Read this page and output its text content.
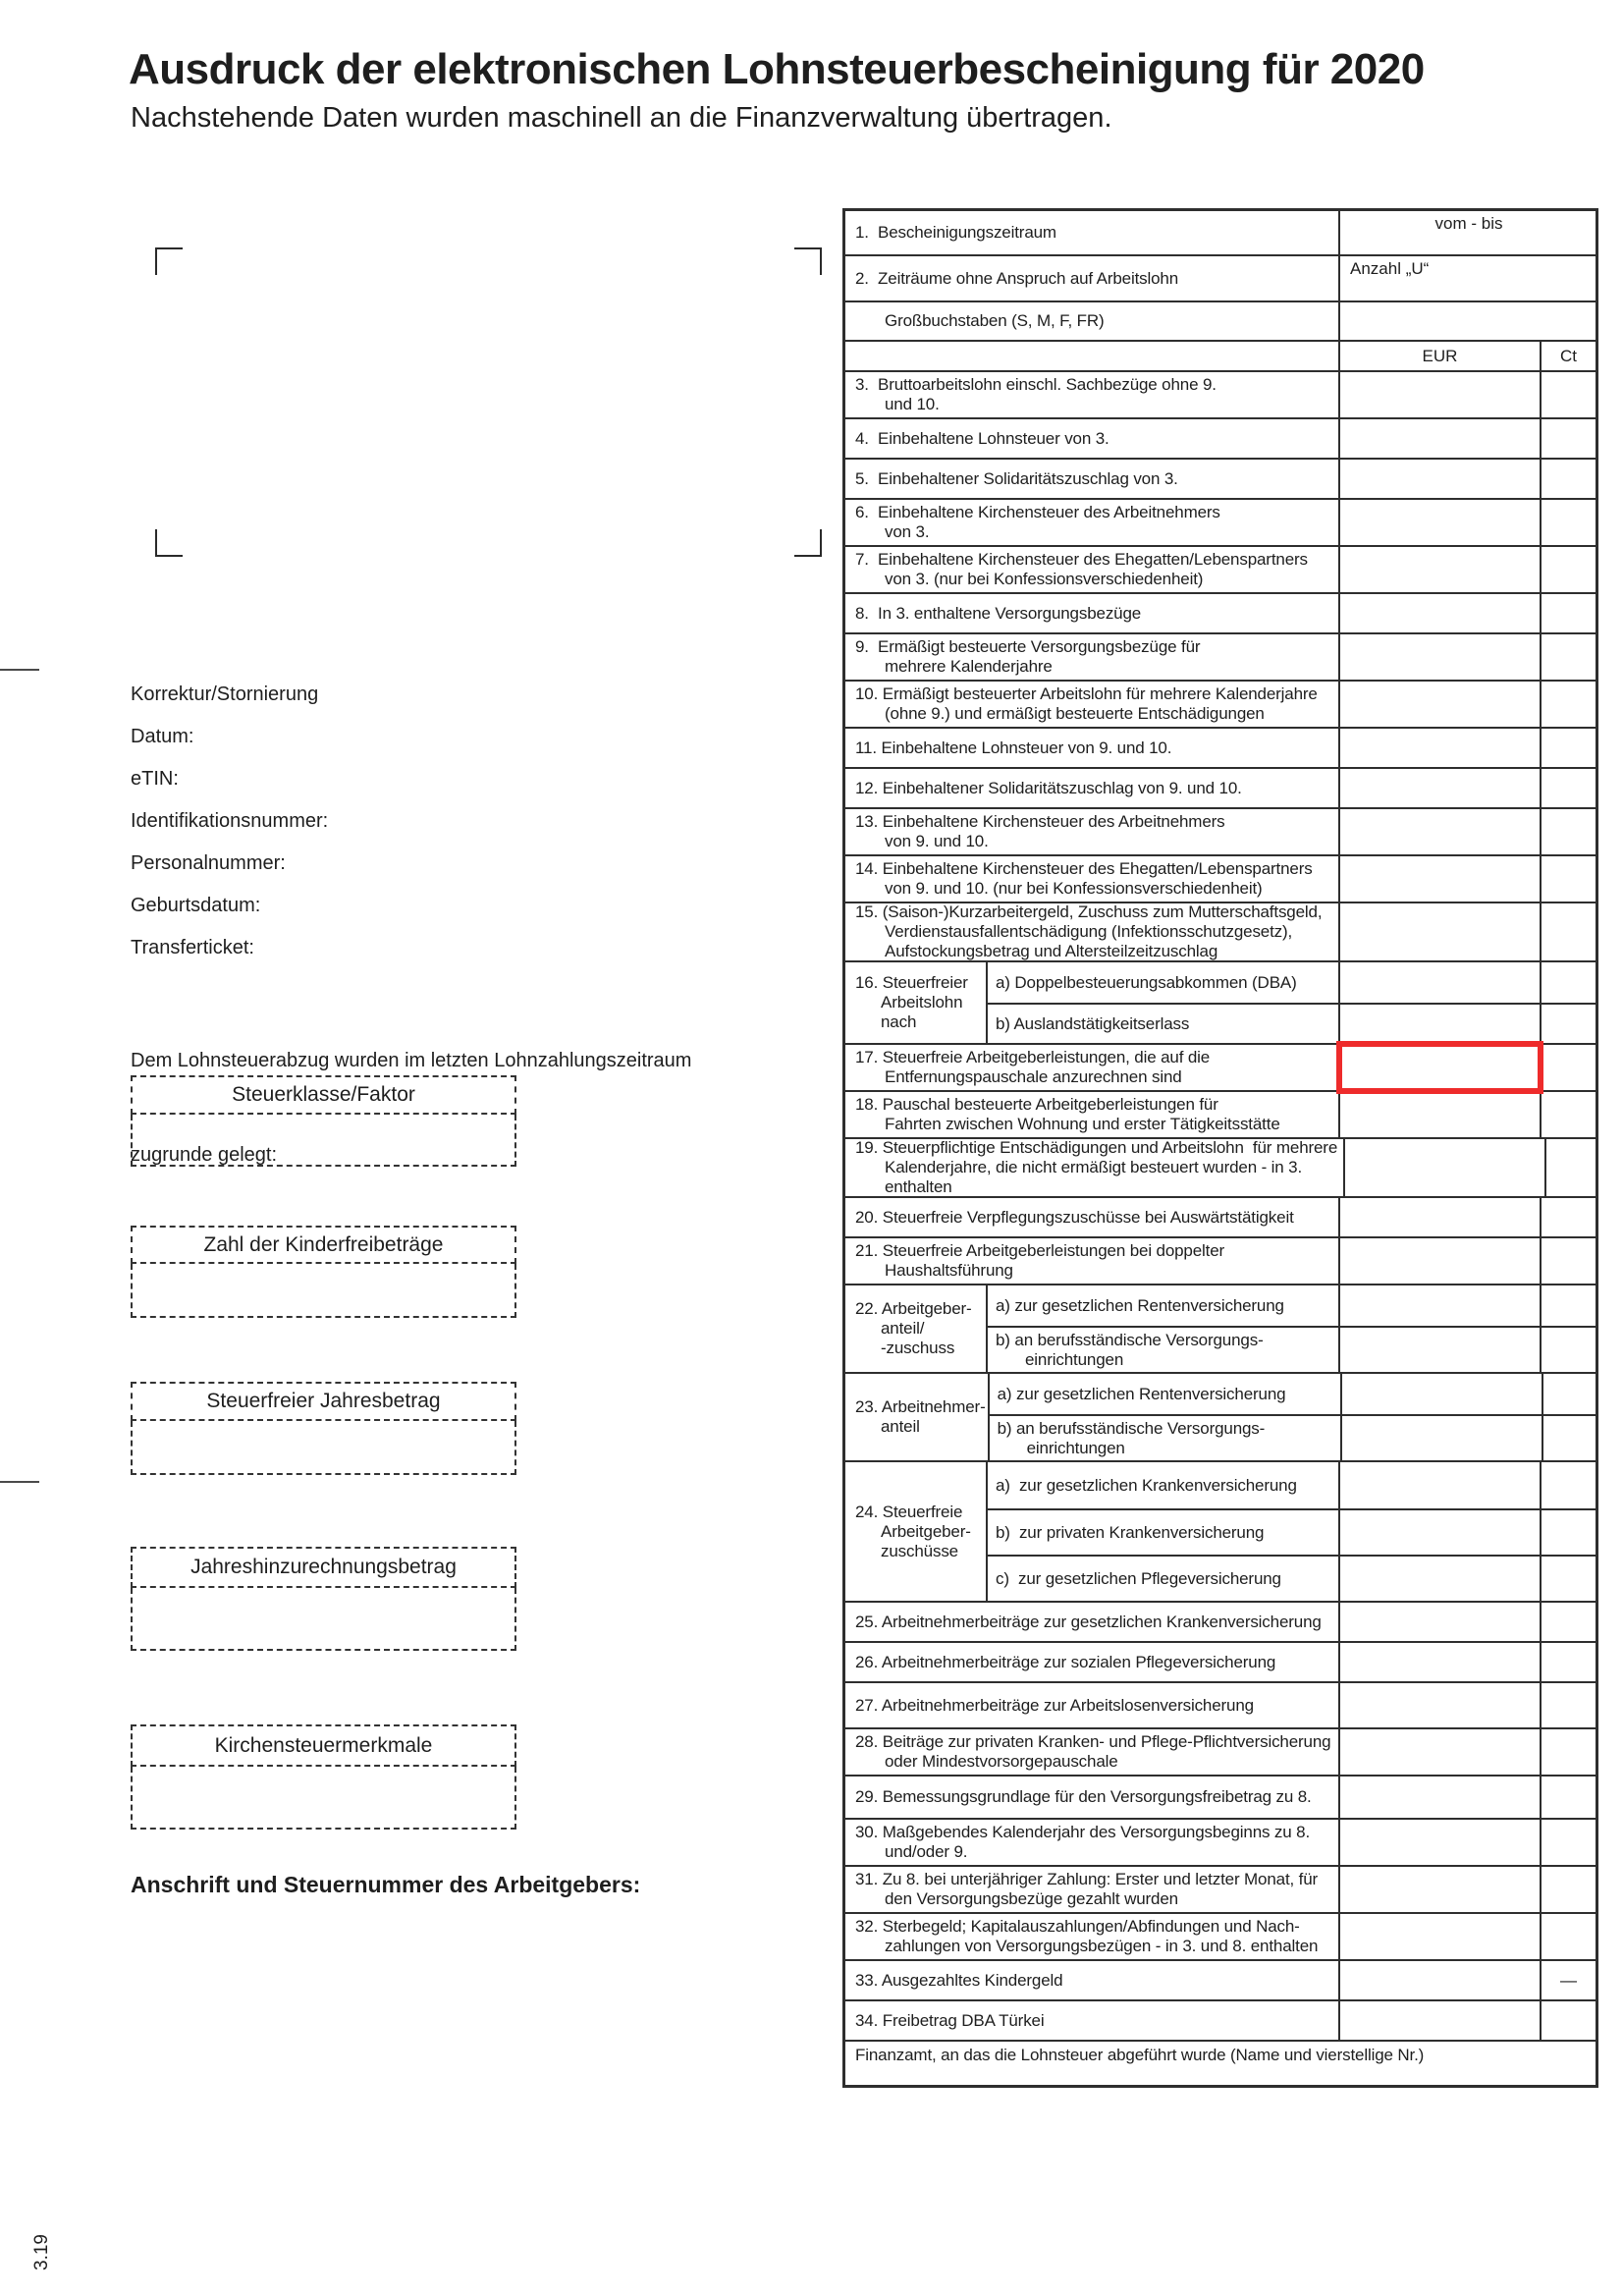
Ausdruck der elektronischen Lohnsteuerbescheinigung für 2020
Nachstehende Daten wurden maschinell an die Finanzverwaltung übertragen.
Korrektur/Stornierung
Datum:
eTIN:
Identifikationsnummer:
Personalnummer:
Geburtsdatum:
Transferticket:

Dem Lohnsteuerabzug wurden im letzten Lohnzahlungszeitraum

zugrunde gelegt:

Steuerklasse/Faktor
Zahl der Kinderfreibeträge
Steuerfreier Jahresbetrag
Jahreshinzurechnungsbetrag
Kirchensteuermerkmale
Anschrift und Steuernummer des Arbeitgebers:
3.19
1.  Bescheinigungszeitraum	vom - bis
2.  Zeiträume ohne Anspruch auf Arbeitslohn	Anzahl „U“
Großbuchstaben (S, M, F, FR)
EUR	Ct
3.  Bruttoarbeitslohn einschl. Sachbezüge ohne 9.
und 10.
4.  Einbehaltene Lohnsteuer von 3.
5.  Einbehaltener Solidaritätszuschlag von 3.
6.  Einbehaltene Kirchensteuer des Arbeitnehmers
von 3.
7.  Einbehaltene Kirchensteuer des Ehegatten/Lebenspartners
von 3. (nur bei Konfessionsverschiedenheit)
8.  In 3. enthaltene Versorgungsbezüge
9.  Ermäßigt besteuerte Versorgungsbezüge für
mehrere Kalenderjahre
10. Ermäßigt besteuerter Arbeitslohn für mehrere Kalenderjahre
(ohne 9.) und ermäßigt besteuerte Entschädigungen
11. Einbehaltene Lohnsteuer von 9. und 10.
12. Einbehaltener Solidaritätszuschlag von 9. und 10.
13. Einbehaltene Kirchensteuer des Arbeitnehmers
von 9. und 10.
14. Einbehaltene Kirchensteuer des Ehegatten/Lebenspartners
von 9. und 10. (nur bei Konfessionsverschiedenheit)
15. (Saison-)Kurzarbeitergeld, Zuschuss zum Mutterschaftsgeld,
Verdienstausfallentschädigung (Infektionsschutzgesetz),
Aufstockungsbetrag und Altersteilzeitzuschlag
16. Steuerfreier
Arbeitslohn
nach
a) Doppelbesteuerungsabkommen (DBA)
b) Auslandstätigkeitserlass
17. Steuerfreie Arbeitgeberleistungen, die auf die
Entfernungspauschale anzurechnen sind
18. Pauschal besteuerte Arbeitgeberleistungen für
Fahrten zwischen Wohnung und erster Tätigkeitsstätte
19. Steuerpflichtige Entschädigungen und Arbeitslohn  für mehrere
Kalenderjahre, die nicht ermäßigt besteuert wurden - in 3.
enthalten
20. Steuerfreie Verpflegungszuschüsse bei Auswärtstätigkeit
21. Steuerfreie Arbeitgeberleistungen bei doppelter
Haushaltsführung
22. Arbeitgeber-
anteil/
-zuschuss
a) zur gesetzlichen Rentenversicherung
b) an berufsständische Versorgungs-
einrichtungen
23. Arbeitnehmer-
anteil
a) zur gesetzlichen Rentenversicherung
b) an berufsständische Versorgungs-
einrichtungen
24. Steuerfreie
Arbeitgeber-
zuschüsse
a)  zur gesetzlichen Krankenversicherung
b)  zur privaten Krankenversicherung
c)  zur gesetzlichen Pflegeversicherung
25. Arbeitnehmerbeiträge zur gesetzlichen Krankenversicherung
26. Arbeitnehmerbeiträge zur sozialen Pflegeversicherung
27. Arbeitnehmerbeiträge zur Arbeitslosenversicherung
28. Beiträge zur privaten Kranken- und Pflege-Pflichtversicherung
oder Mindestvorsorgepauschale
29. Bemessungsgrundlage für den Versorgungsfreibetrag zu 8.
30. Maßgebendes Kalenderjahr des Versorgungsbeginns zu 8.
und/oder 9.
31. Zu 8. bei unterjähriger Zahlung: Erster und letzter Monat, für
den Versorgungsbezüge gezahlt wurden
32. Sterbegeld; Kapitalauszahlungen/Abfindungen und Nach-
zahlungen von Versorgungsbezügen - in 3. und 8. enthalten
33. Ausgezahltes Kindergeld	—
34. Freibetrag DBA Türkei
Finanzamt, an das die Lohnsteuer abgeführt wurde (Name und vierstellige Nr.)
